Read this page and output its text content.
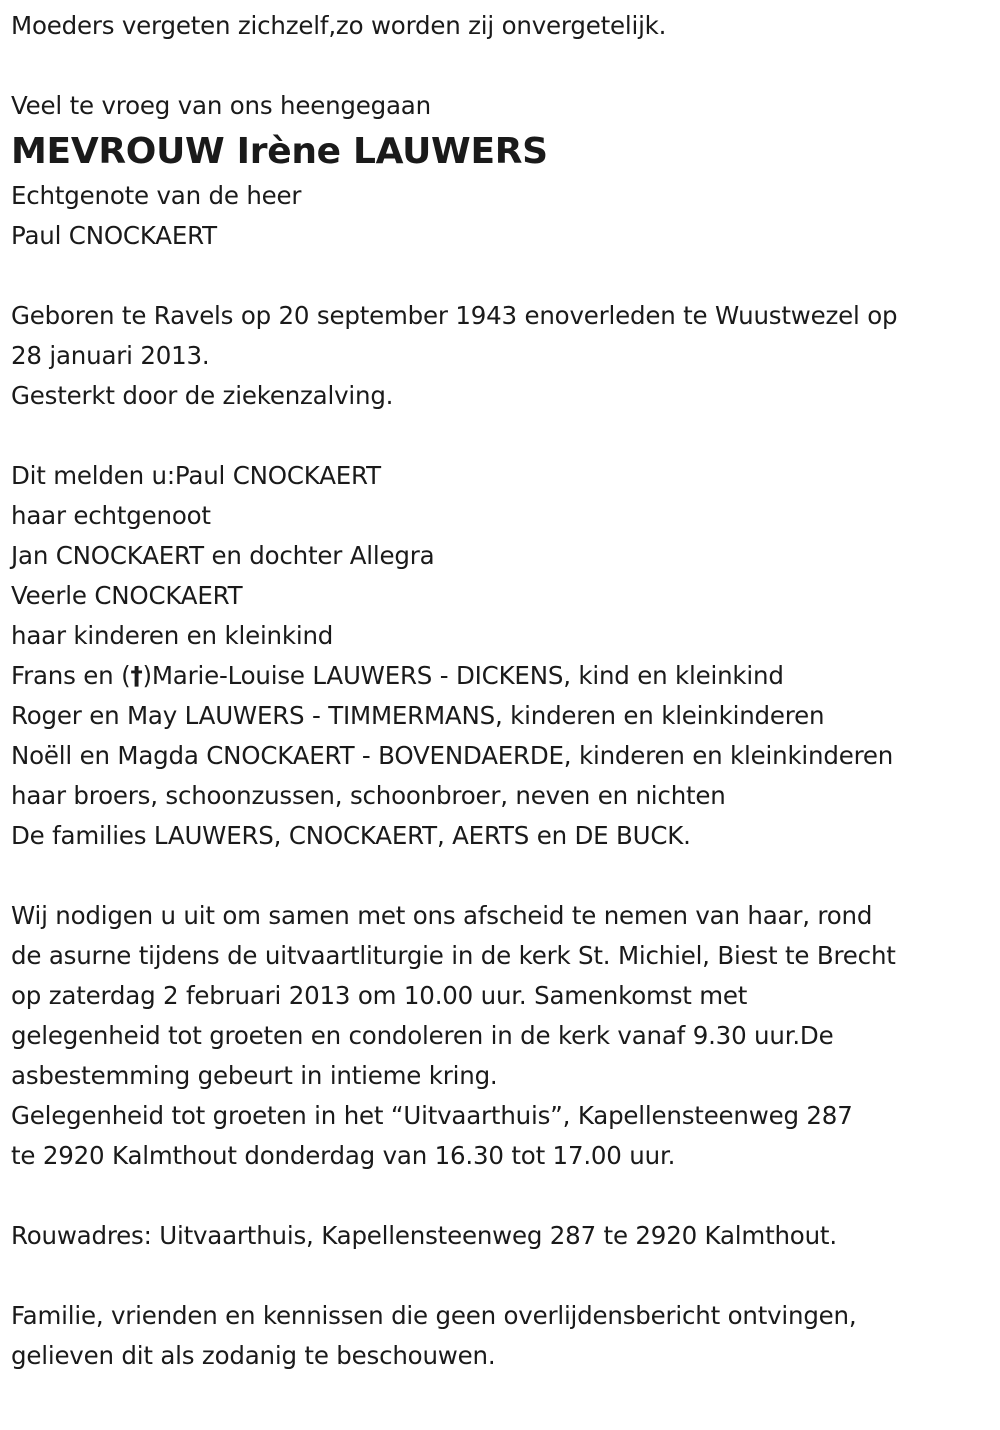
Moeders vergeten zichzelf,zo worden zij onvergetelijk.
Veel te vroeg van ons heengegaan
MEVROUW Irène LAUWERS
Echtgenote van de heer
Paul CNOCKAERT
Geboren te Ravels op 20 september 1943 enoverleden te Wuustwezel op
28 januari 2013.
Gesterkt door de ziekenzalving.
Dit melden u:Paul CNOCKAERT
haar echtgenoot
Jan CNOCKAERT en dochter Allegra
Veerle CNOCKAERT
haar kinderen en kleinkind
Frans en (†)Marie-Louise LAUWERS - DICKENS, kind en kleinkind
Roger en May LAUWERS - TIMMERMANS, kinderen en kleinkinderen
Noëll en Magda CNOCKAERT - BOVENDAERDE, kinderen en kleinkinderen
haar broers, schoonzussen, schoonbroer, neven en nichten
De families LAUWERS, CNOCKAERT, AERTS en DE BUCK.
Wij nodigen u uit om samen met ons afscheid te nemen van haar, rond
de asurne tijdens de uitvaartliturgie in de kerk St. Michiel, Biest te Brecht
op zaterdag 2 februari 2013 om 10.00 uur. Samenkomst met
gelegenheid tot groeten en condoleren in de kerk vanaf 9.30 uur.De
asbestemming gebeurt in intieme kring.
Gelegenheid tot groeten in het “Uitvaarthuis”, Kapellensteenweg 287
te 2920 Kalmthout donderdag van 16.30 tot 17.00 uur.
Rouwadres: Uitvaarthuis, Kapellensteenweg 287 te 2920 Kalmthout.
Familie, vrienden en kennissen die geen overlijdensbericht ontvingen,
gelieven dit als zodanig te beschouwen.
